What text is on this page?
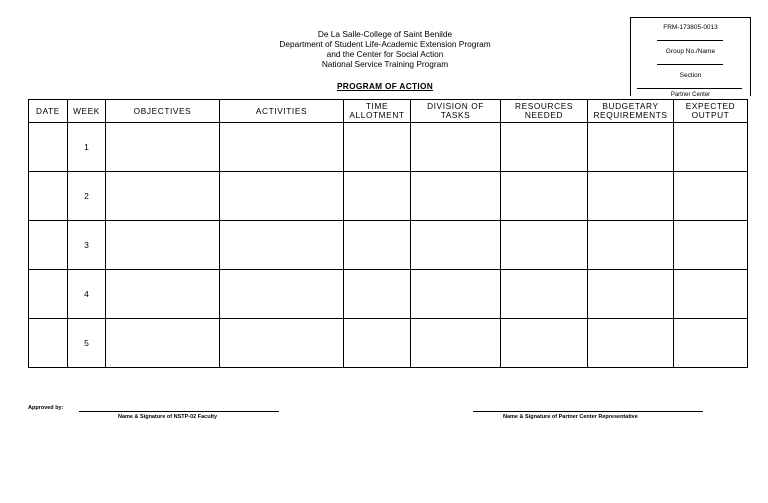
De La Salle-College of Saint Benilde
Department of Student Life-Academic Extension Program
and the Center for Social Action
National Service Training Program
PROGRAM OF ACTION
FRM-173805-0013
Group No./Name
Section
Partner Center
DATE	WEEK	OBJECTIVES	ACTIVITIES	TIME ALLOTMENT	DIVISION OF TASKS	RESOURCES NEEDED	BUDGETARY REQUIREMENTS	EXPECTED OUTPUT
	1							
	2							
	3							
	4							
	5							
Approved by:
Name & Signature of NSTP-02 Faculty	Name & Signature of Partner Center Representative
